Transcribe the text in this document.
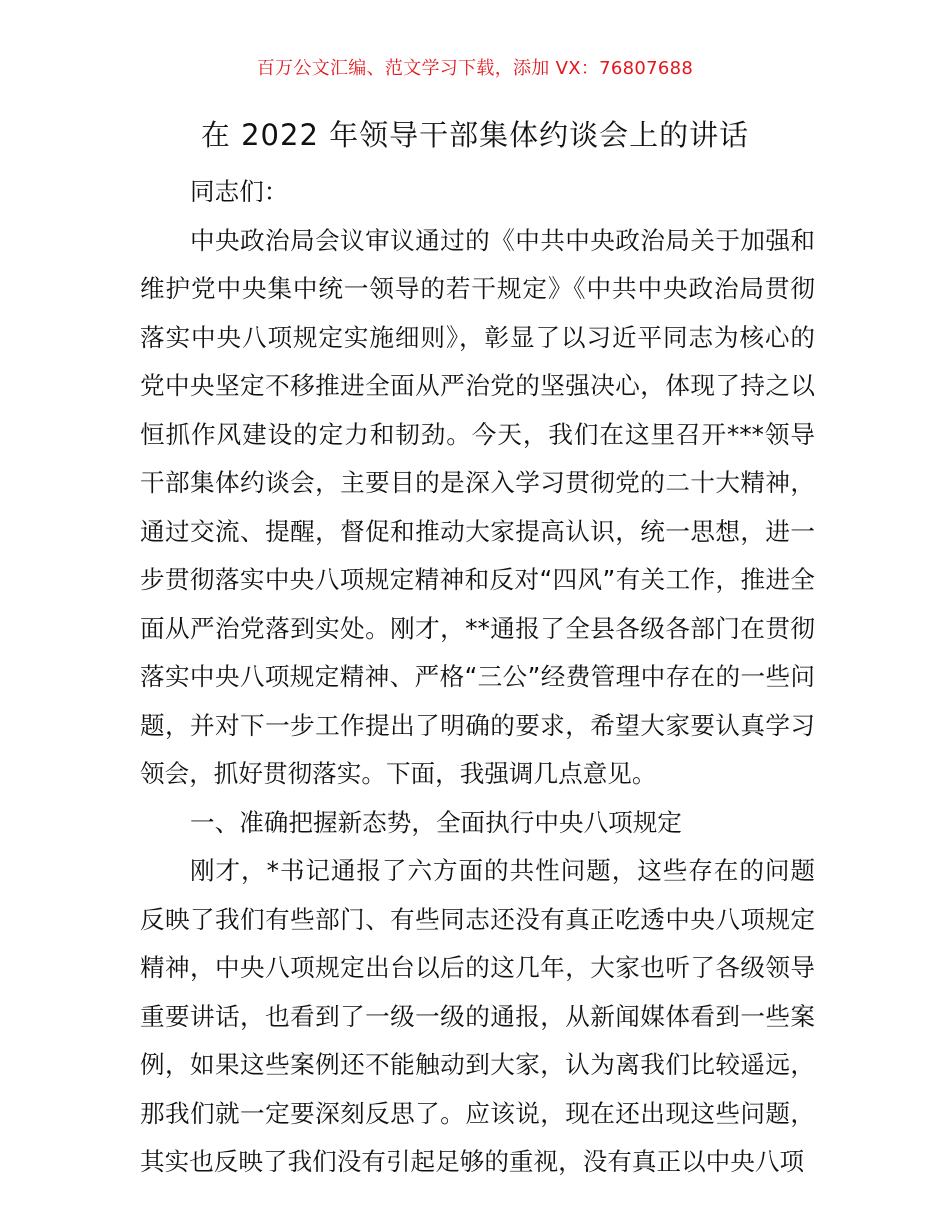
百万公文汇编、范文学习下载，添加 VX：76807688
在 2022 年领导干部集体约谈会上的讲话

同志们：

中央政治局会议审议通过的《中共中央政治局关于加强和维护党中央集中统一领导的若干规定》《中共中央政治局贯彻落实中央八项规定实施细则》，彰显了以习近平同志为核心的党中央坚定不移推进全面从严治党的坚强决心，体现了持之以恒抓作风建设的定力和韧劲。今天，我们在这里召开***领导干部集体约谈会，主要目的是深入学习贯彻党的二十大精神，通过交流、提醒，督促和推动大家提高认识，统一思想，进一步贯彻落实中央八项规定精神和反对“四风”有关工作，推进全面从严治党落到实处。刚才，**通报了全县各级各部门在贯彻落实中央八项规定精神、严格“三公”经费管理中存在的一些问题，并对下一步工作提出了明确的要求，希望大家要认真学习领会，抓好贯彻落实。下面，我强调几点意见。

一、准确把握新态势，全面执行中央八项规定

刚才，*书记通报了六方面的共性问题，这些存在的问题反映了我们有些部门、有些同志还没有真正吃透中央八项规定精神，中央八项规定出台以后的这几年，大家也听了各级领导重要讲话，也看到了一级一级的通报，从新闻媒体看到一些案例，如果这些案例还不能触动到大家，认为离我们比较遥远，那我们就一定要深刻反思了。应该说，现在还出现这些问题，其实也反映了我们没有引起足够的重视，没有真正以中央八项
